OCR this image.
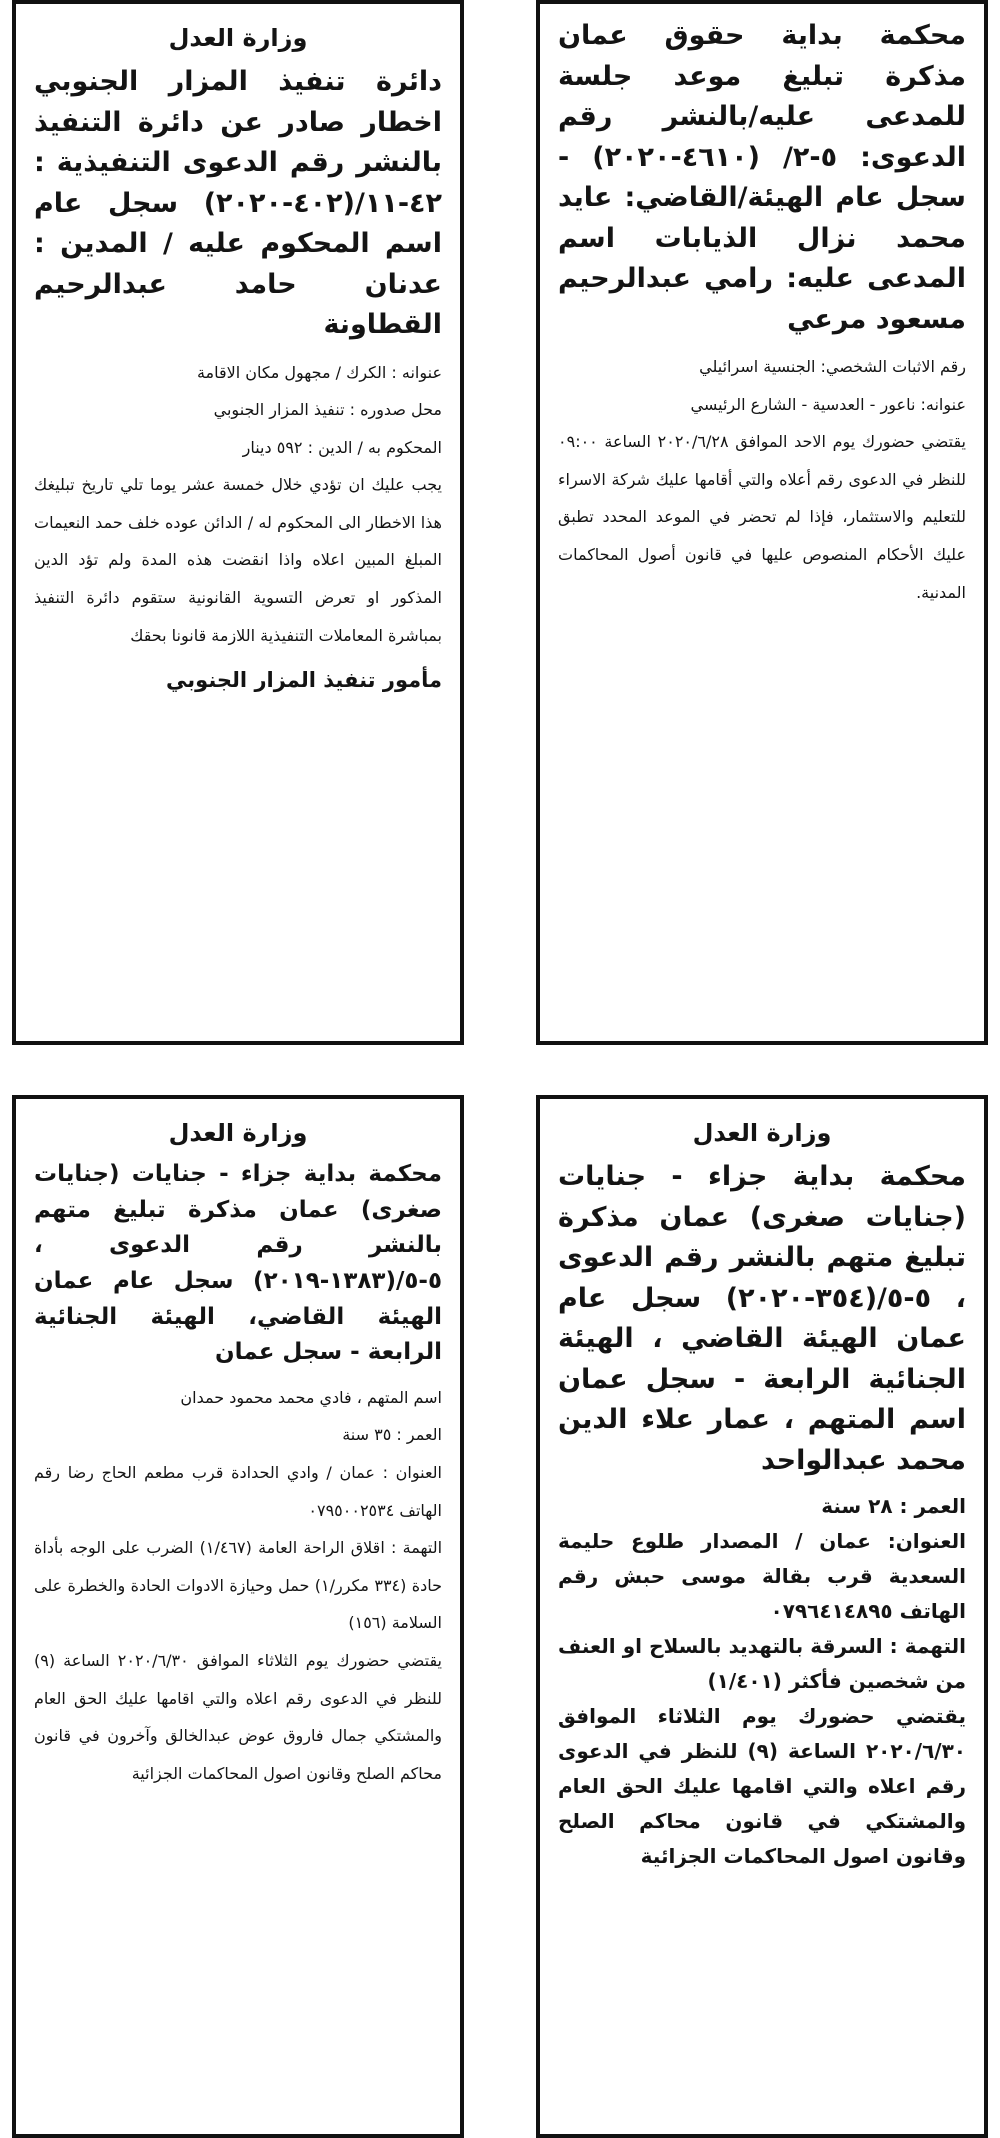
وزارة العدل
دائرة تنفيذ المزار الجنوبي اخطار صادر عن دائرة التنفيذ بالنشر رقم الدعوى التنفيذية : ٤٢-١١/(٤٠٢-٢٠٢٠) سجل عام اسم المحكوم عليه / المدين : عدنان حامد عبدالرحيم القطاونة

عنوانه : الكرك / مجهول مكان الاقامة

محل صدوره : تنفيذ المزار الجنوبي

المحكوم به / الدين : ٥٩٢ دينار

يجب عليك ان تؤدي خلال خمسة عشر يوما تلي تاريخ تبليغك هذا الاخطار الى المحكوم له / الدائن عوده خلف حمد النعيمات المبلغ المبين اعلاه واذا انقضت هذه المدة ولم تؤد الدين المذكور او تعرض التسوية القانونية ستقوم دائرة التنفيذ بمباشرة المعاملات التنفيذية اللازمة قانونا بحقك

مأمور تنفيذ المزار الجنوبي
محكمة بداية حقوق عمان مذكرة تبليغ موعد جلسة للمدعى عليه/بالنشر رقم الدعوى: ٥-٢/ (٤٦١٠-٢٠٢٠) - سجل عام الهيئة/القاضي: عايد محمد نزال الذيابات اسم المدعى عليه: رامي عبدالرحيم مسعود مرعي

رقم الاثبات الشخصي: الجنسية اسرائيلي

عنوانه: ناعور - العدسية - الشارع الرئيسي

يقتضي حضورك يوم الاحد الموافق ٢٠٢٠/٦/٢٨ الساعة ٠٩:٠٠ للنظر في الدعوى رقم أعلاه والتي أقامها عليك شركة الاسراء للتعليم والاستثمار، فإذا لم تحضر في الموعد المحدد تطبق عليك الأحكام المنصوص عليها في قانون أصول المحاكمات المدنية.

وزارة العدل
محكمة بداية جزاء - جنايات (جنايات صغرى) عمان مذكرة تبليغ متهم بالنشر رقم الدعوى ، ٥-٥/(١٣٨٣-٢٠١٩) سجل عام عمان الهيئة القاضي، الهيئة الجنائية الرابعة - سجل عمان

اسم المتهم ، فادي محمد محمود حمدان

العمر : ٣٥ سنة

العنوان : عمان / وادي الحدادة قرب مطعم الحاج رضا رقم الهاتف ٠٧٩٥٠٠٢٥٣٤

التهمة : اقلاق الراحة العامة (١/٤٦٧) الضرب على الوجه بأداة حادة (٣٣٤ مكرر/١) حمل وحيازة الادوات الحادة والخطرة على السلامة (١٥٦)

يقتضي حضورك يوم الثلاثاء الموافق ٢٠٢٠/٦/٣٠ الساعة (٩) للنظر في الدعوى رقم اعلاه والتي اقامها عليك الحق العام والمشتكي جمال فاروق عوض عبدالخالق وآخرون في قانون محاكم الصلح وقانون اصول المحاكمات الجزائية

وزارة العدل
محكمة بداية جزاء - جنايات (جنايات صغرى) عمان مذكرة تبليغ متهم بالنشر رقم الدعوى ، ٥-٥/(٣٥٤-٢٠٢٠) سجل عام عمان الهيئة القاضي ، الهيئة الجنائية الرابعة - سجل عمان اسم المتهم ، عمار علاء الدين محمد عبدالواحد

العمر : ٢٨ سنة

العنوان: عمان / المصدار طلوع حليمة السعدية قرب بقالة موسى حبش رقم الهاتف ٠٧٩٦٤١٤٨٩٥

التهمة : السرقة بالتهديد بالسلاح او العنف من شخصين فأكثر (١/٤٠١)

يقتضي حضورك يوم الثلاثاء الموافق ٢٠٢٠/٦/٣٠ الساعة (٩) للنظر في الدعوى رقم اعلاه والتي اقامها عليك الحق العام والمشتكي في قانون محاكم الصلح وقانون اصول المحاكمات الجزائية
